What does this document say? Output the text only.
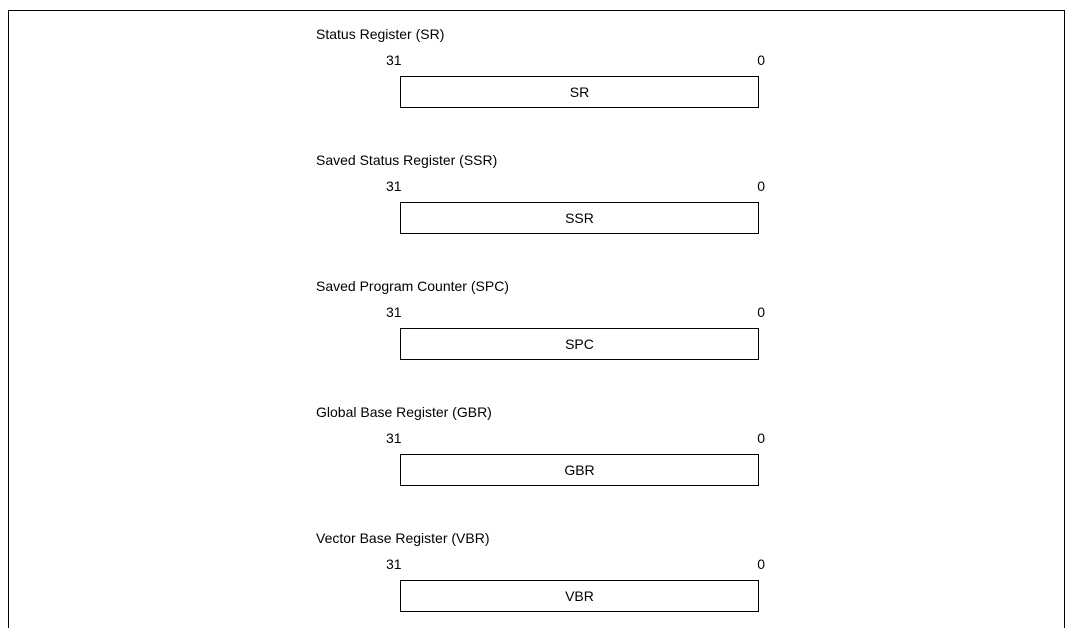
Status Register (SR)
31	0
SR
Saved Status Register (SSR)
31	0
SSR
Saved Program Counter (SPC)
31	0
SPC
Global Base Register (GBR)
31	0
GBR
Vector Base Register (VBR)
31	0
VBR
